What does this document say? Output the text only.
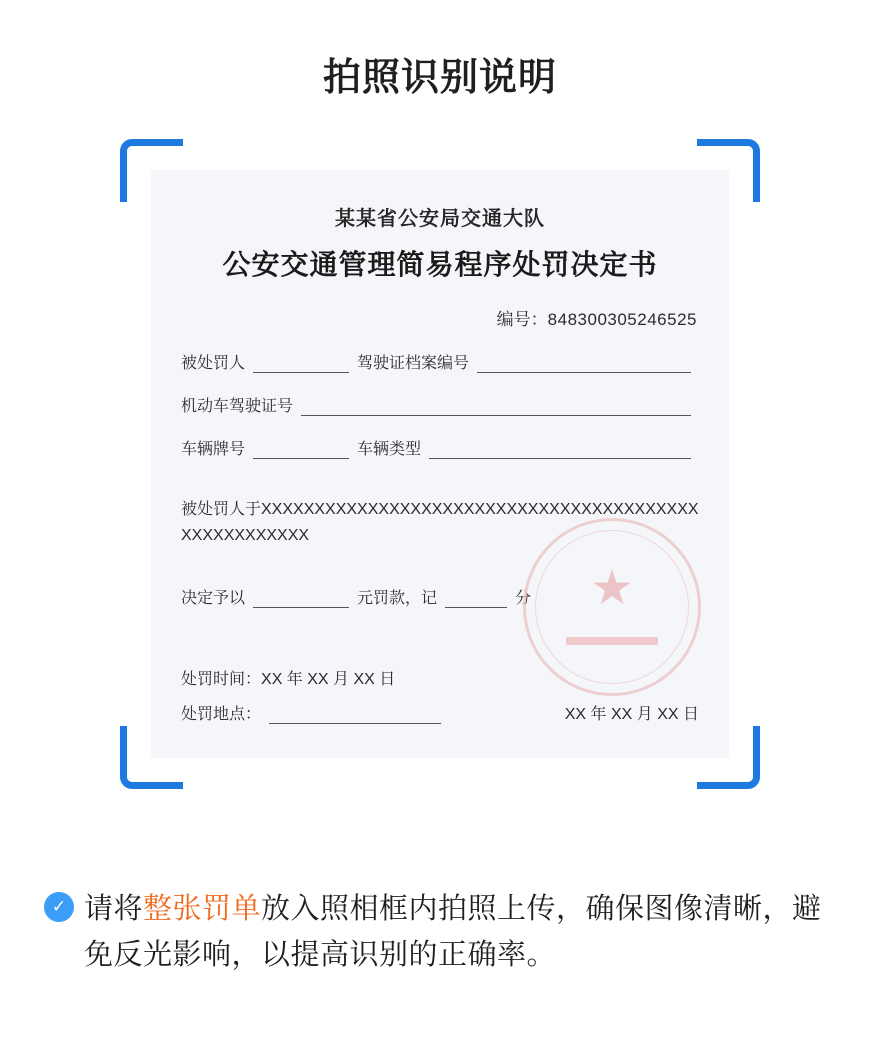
拍照识别说明
某某省公安局交通大队
公安交通管理简易程序处罚决定书
编号：848300305246525
被处罚人	驾驶证档案编号
机动车驾驶证号
车辆牌号	车辆类型
被处罚人于XXXXXXXXXXXXXXXXXXXXXXXXXXXXXXXXXXXXXXXXXXXXXXXXXXXXX
决定予以	元罚款，记	分 ★
处罚时间： XX 年 XX 月 XX 日
处罚地点：	XX 年 XX 月 XX 日
✓ 请将整张罚单放入照相框内拍照上传，确保图像清晰，避免反光影响，以提高识别的正确率。
